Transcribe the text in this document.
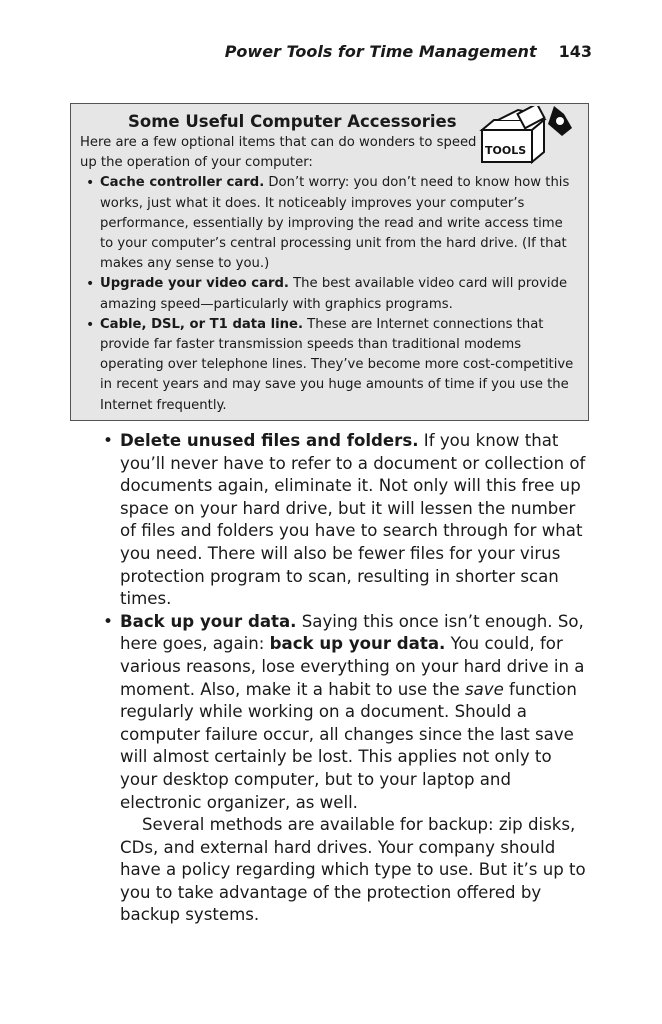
Power Tools for Time Management 143
TOOLS
Some Useful Computer Accessories
Here are a few optional items that can do wonders to speed up the operation of your computer:
• Cache controller card. Don’t worry: you don’t need to know how this works, just what it does. It noticeably improves your computer’s performance, essentially by improving the read and write access time to your computer’s central processing unit from the hard drive. (If that makes any sense to you.)
• Upgrade your video card. The best available video card will provide amazing speed—particularly with graphics programs.
• Cable, DSL, or T1 data line. These are Internet connections that provide far faster transmission speeds than traditional modems operating over telephone lines. They’ve become more cost-competitive in recent years and may save you huge amounts of time if you use the Internet frequently.
• Delete unused files and folders. If you know that you’ll never have to refer to a document or collection of documents again, eliminate it. Not only will this free up space on your hard drive, but it will lessen the number of files and folders you have to search through for what you need. There will also be fewer files for your virus protection program to scan, resulting in shorter scan times.
• Back up your data. Saying this once isn’t enough. So, here goes, again: back up your data. You could, for various reasons, lose everything on your hard drive in a moment. Also, make it a habit to use the save function regularly while working on a document. Should a computer failure occur, all changes since the last save will almost certainly be lost. This applies not only to your desktop computer, but to your laptop and electronic organizer, as well.
Several methods are available for backup: zip disks, CDs, and external hard drives. Your company should have a policy regarding which type to use. But it’s up to you to take advantage of the protection offered by backup systems.
